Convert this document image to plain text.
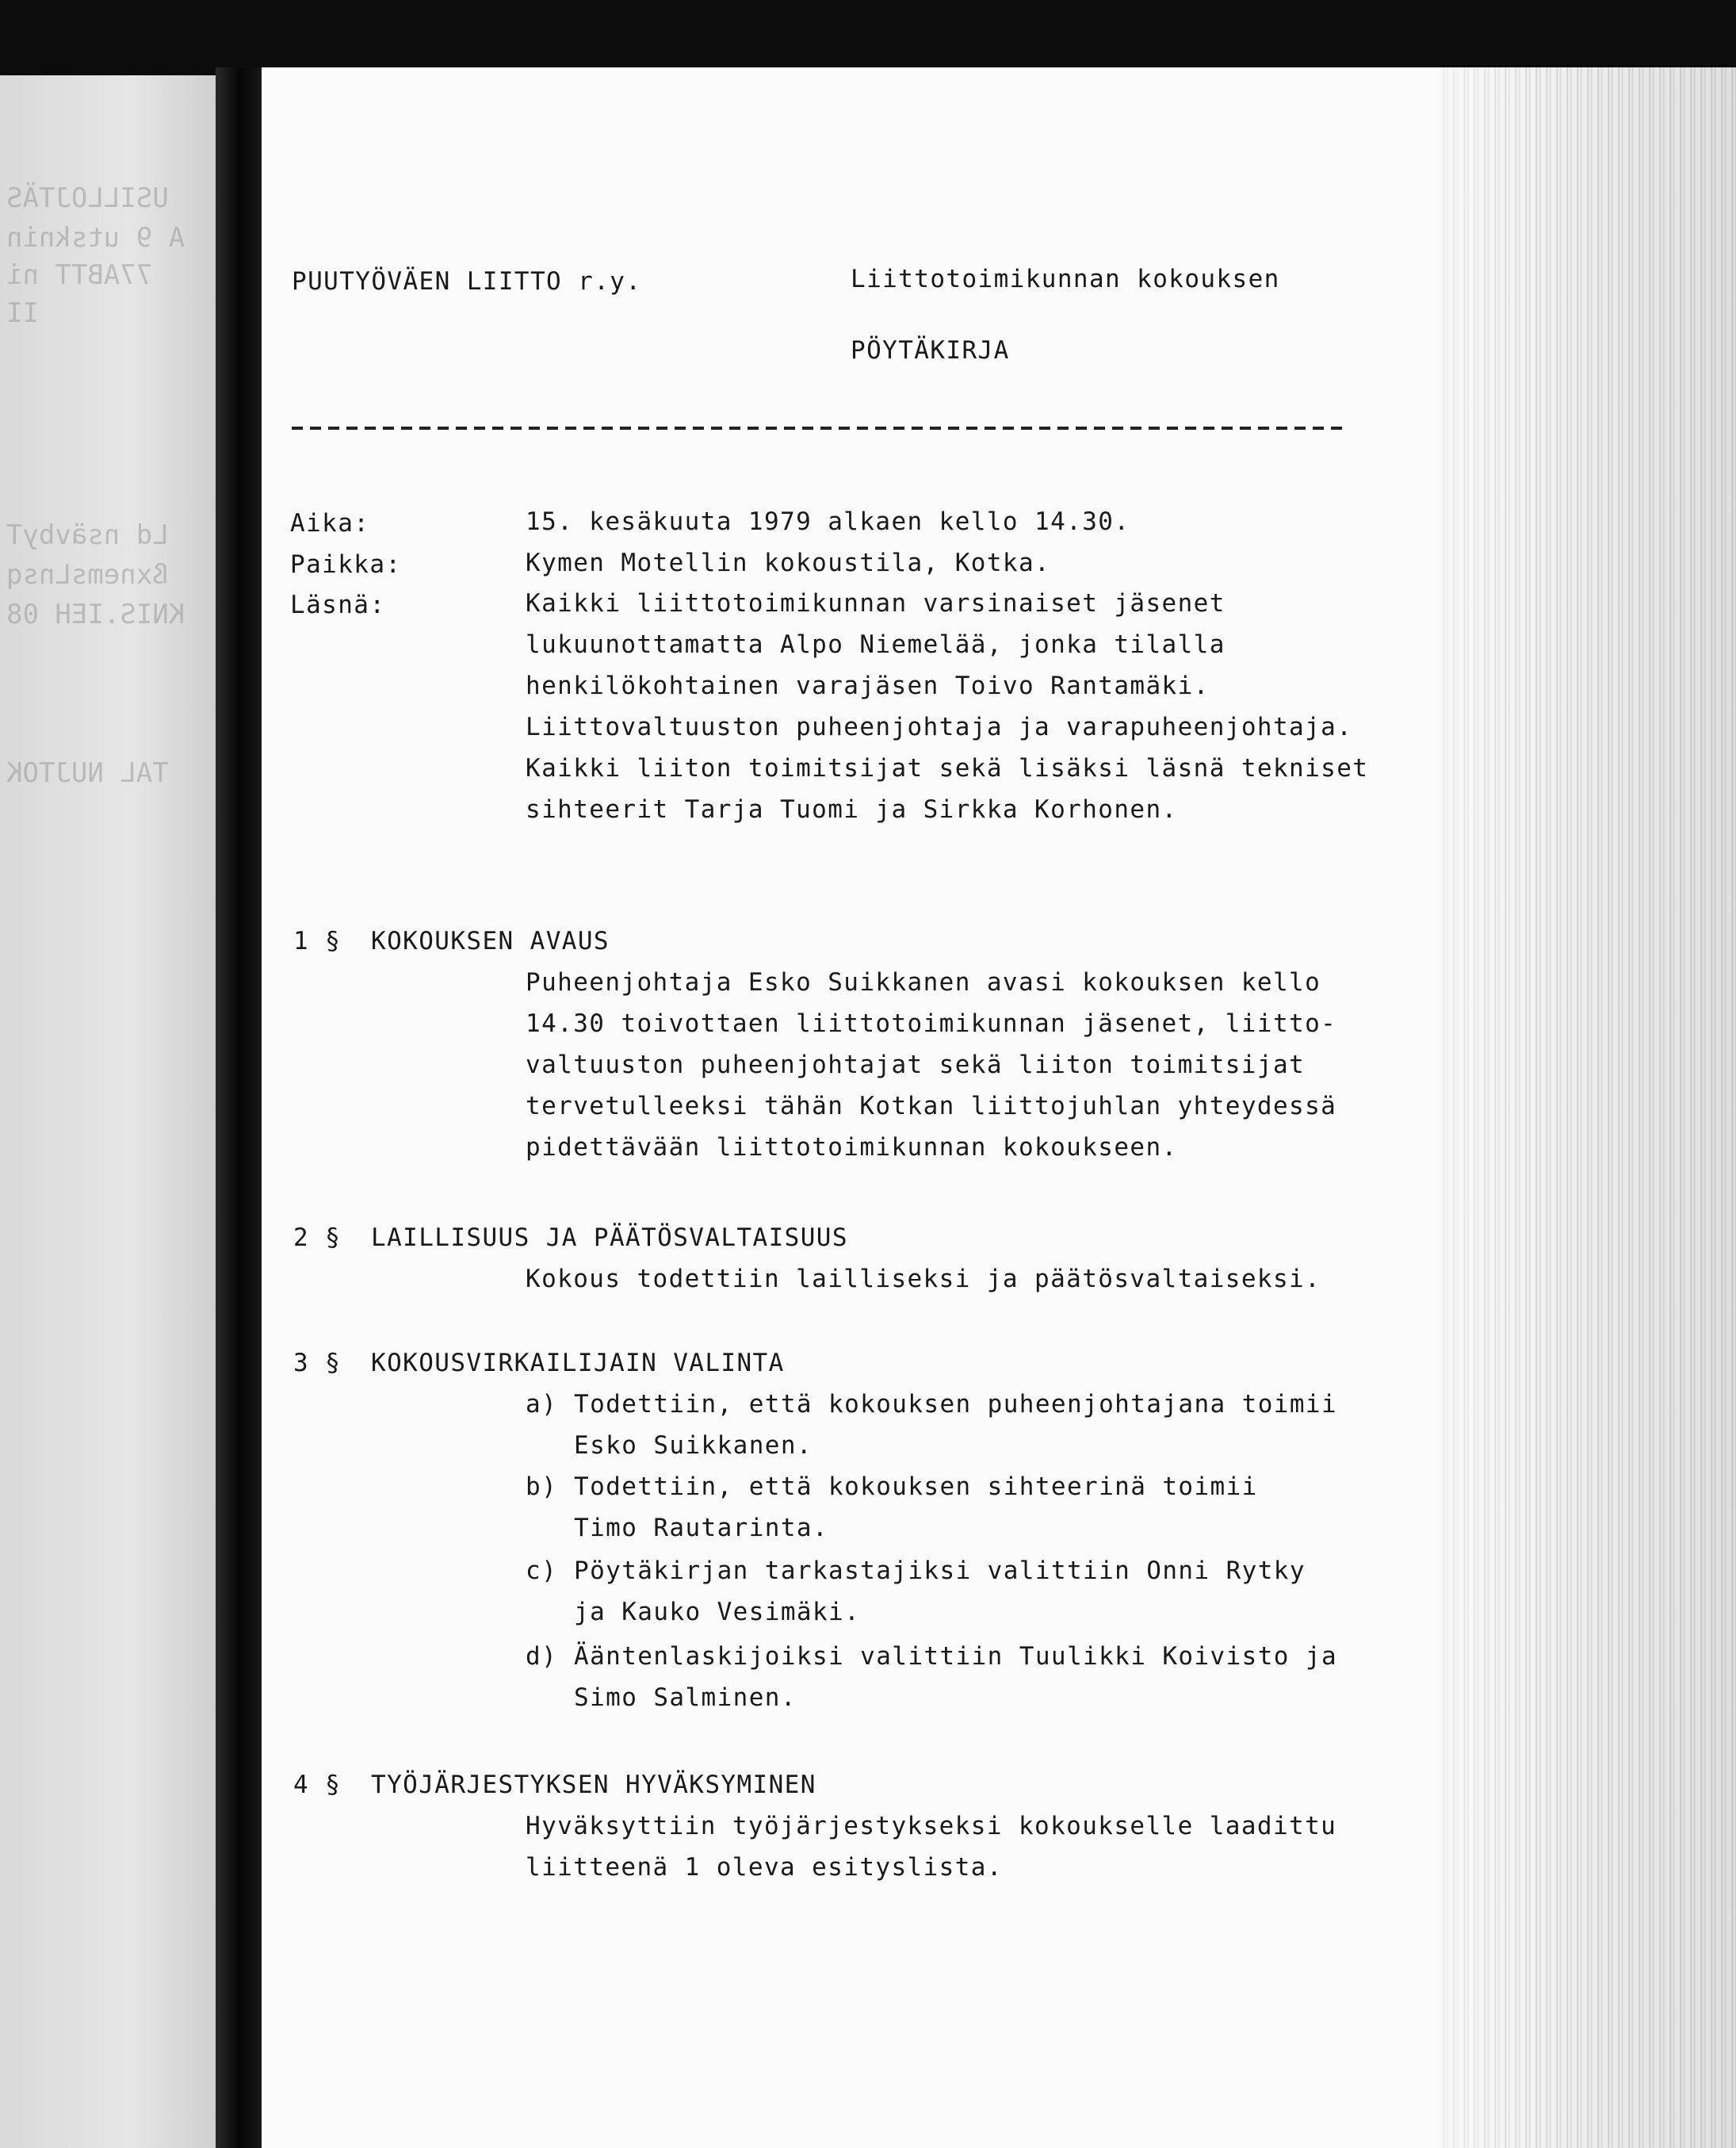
USILLOJTÄS
A 9 utsknin
77ABTT ni
II
Ld nsävbyT
ßxnemsLnsq
KNIS.IEH 08
TAL NUJTOK
PUUTYÖVÄEN LIITTO r.y.	Liittotoimikunnan kokouksen
PÖYTÄKIRJA
Aika:	15. kesäkuuta 1979 alkaen kello 14.30.
Paikka:	Kymen Motellin kokoustila, Kotka.
Läsnä:	Kaikki liittotoimikunnan varsinaiset jäsenet
lukuunottamatta Alpo Niemelää, jonka tilalla
henkilökohtainen varajäsen Toivo Rantamäki.
Liittovaltuuston puheenjohtaja ja varapuheenjohtaja.
Kaikki liiton toimitsijat sekä lisäksi läsnä tekniset
sihteerit Tarja Tuomi ja Sirkka Korhonen.
1 § KOKOUKSEN AVAUS
Puheenjohtaja Esko Suikkanen avasi kokouksen kello
14.30 toivottaen liittotoimikunnan jäsenet, liitto-
valtuuston puheenjohtajat sekä liiton toimitsijat
tervetulleeksi tähän Kotkan liittojuhlan yhteydessä
pidettävään liittotoimikunnan kokoukseen.
2 § LAILLISUUS JA PÄÄTÖSVALTAISUUS
Kokous todettiin lailliseksi ja päätösvaltaiseksi.
3 § KOKOUSVIRKAILIJAIN VALINTA
a) Todettiin, että kokouksen puheenjohtajana toimii
Esko Suikkanen.
b) Todettiin, että kokouksen sihteerinä toimii
Timo Rautarinta.
c) Pöytäkirjan tarkastajiksi valittiin Onni Rytky
ja Kauko Vesimäki.
d) Ääntenlaskijoiksi valittiin Tuulikki Koivisto ja
Simo Salminen.
4 § TYÖJÄRJESTYKSEN HYVÄKSYMINEN
Hyväksyttiin työjärjestykseksi kokoukselle laadittu
liitteenä 1 oleva esityslista.
